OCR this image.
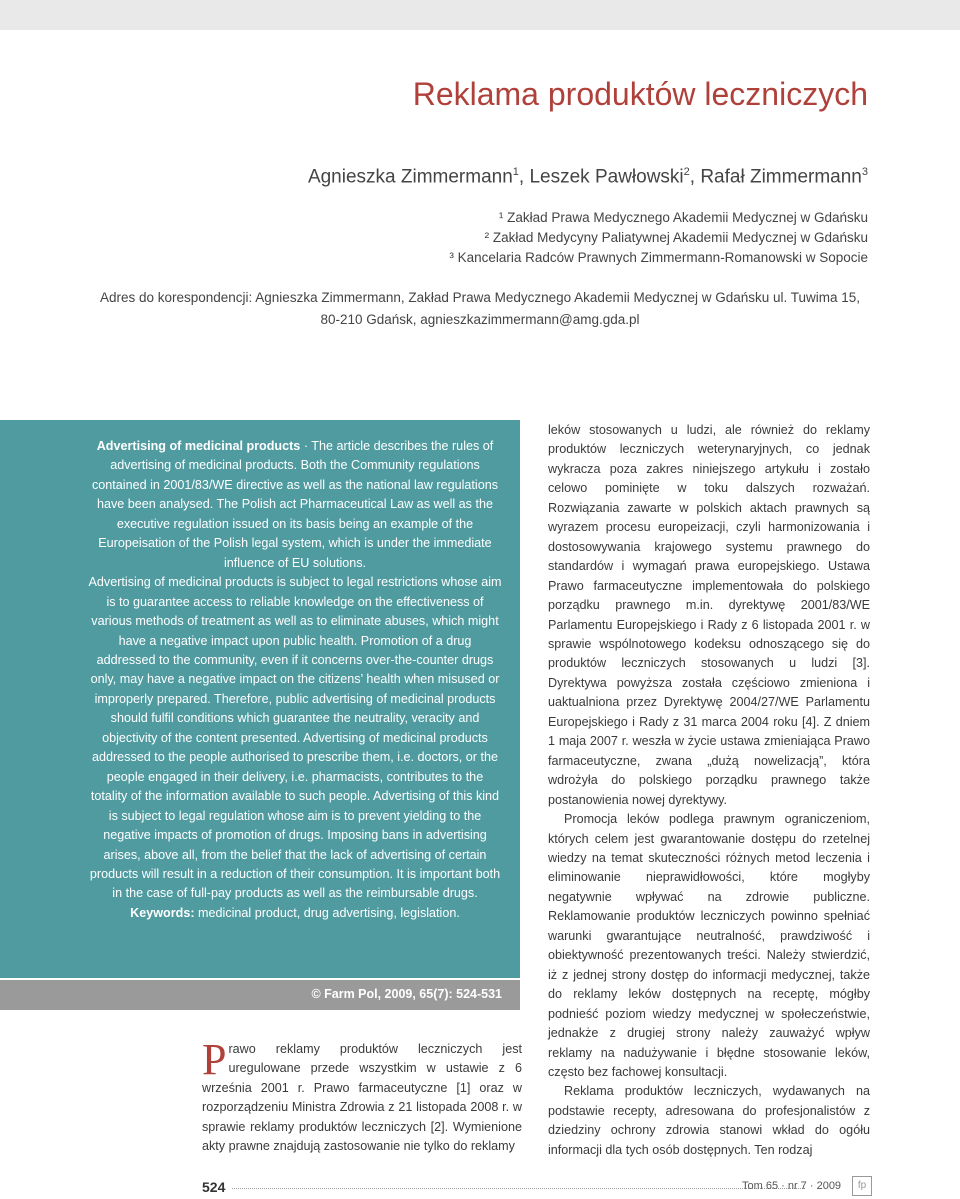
Reklama produktów leczniczych
Agnieszka Zimmermann$^1$, Leszek Pawłowski$^2$, Rafał Zimmermann$^3$
¹ Zakład Prawa Medycznego Akademii Medycznej w Gdańsku
² Zakład Medycyny Paliatywnej Akademii Medycznej w Gdańsku
³ Kancelaria Radców Prawnych Zimmermann-Romanowski w Sopocie
Adres do korespondencji: Agnieszka Zimmermann, Zakład Prawa Medycznego Akademii Medycznej w Gdańsku ul. Tuwima 15, 80-210 Gdańsk, agnieszkazimmermann@amg.gda.pl
Advertising of medicinal products · The article describes the rules of advertising of medicinal products. Both the Community regulations contained in 2001/83/WE directive as well as the national law regulations have been analysed. The Polish act Pharmaceutical Law as well as the executive regulation issued on its basis being an example of the Europeisation of the Polish legal system, which is under the immediate influence of EU solutions.
Advertising of medicinal products is subject to legal restrictions whose aim is to guarantee access to reliable knowledge on the effectiveness of various methods of treatment as well as to eliminate abuses, which might have a negative impact upon public health. Promotion of a drug addressed to the community, even if it concerns over-the-counter drugs only, may have a negative impact on the citizens’ health when misused or improperly prepared. Therefore, public advertising of medicinal products should fulfil conditions which guarantee the neutrality, veracity and objectivity of the content presented. Advertising of medicinal products addressed to the people authorised to prescribe them, i.e. doctors, or the people engaged in their delivery, i.e. pharmacists, contributes to the totality of the information available to such people. Advertising of this kind is subject to legal regulation whose aim is to prevent yielding to the negative impacts of promotion of drugs. Imposing bans in advertising arises, above all, from the belief that the lack of advertising of certain products will result in a reduction of their consumption. It is important both in the case of full-pay products as well as the reimbursable drugs.
Keywords: medicinal product, drug advertising, legislation.
© Farm Pol, 2009, 65(7): 524-531
Prawo reklamy produktów leczniczych jest uregulowane przede wszystkim w ustawie z 6 września 2001 r. Prawo farmaceutyczne [1] oraz w rozporządzeniu Ministra Zdrowia z 21 listopada 2008 r. w sprawie reklamy produktów leczniczych [2]. Wymienione akty prawne znajdują zastosowanie nie tylko do reklamy

leków stosowanych u ludzi, ale również do reklamy produktów leczniczych weterynaryjnych, co jednak wykracza poza zakres niniejszego artykułu i zostało celowo pominięte w toku dalszych rozważań. Rozwiązania zawarte w polskich aktach prawnych są wyrazem procesu europeizacji, czyli harmonizowania i dostosowywania krajowego systemu prawnego do standardów i wymagań prawa europejskiego. Ustawa Prawo farmaceutyczne implementowała do polskiego porządku prawnego m.in. dyrektywę 2001/83/WE Parlamentu Europejskiego i Rady z 6 listopada 2001 r. w sprawie wspólnotowego kodeksu odnoszącego się do produktów leczniczych stosowanych u ludzi [3]. Dyrektywa powyższa została częściowo zmieniona i uaktualniona przez Dyrektywę 2004/27/WE Parlamentu Europejskiego i Rady z 31 marca 2004 roku [4]. Z dniem 1 maja 2007 r. weszła w życie ustawa zmieniająca Prawo farmaceutyczne, zwana „dużą nowelizacją”, która wdrożyła do polskiego porządku prawnego także postanowienia nowej dyrektywy.

Promocja leków podlega prawnym ograniczeniom, których celem jest gwarantowanie dostępu do rzetelnej wiedzy na temat skuteczności różnych metod leczenia i eliminowanie nieprawidłowości, które mogłyby negatywnie wpływać na zdrowie publiczne. Reklamowanie produktów leczniczych powinno spełniać warunki gwarantujące neutralność, prawdziwość i obiektywność prezentowanych treści. Należy stwierdzić, iż z jednej strony dostęp do informacji medycznej, także do reklamy leków dostępnych na receptę, mógłby podnieść poziom wiedzy medycznej w społeczeństwie, jednakże z drugiej strony należy zauważyć wpływ reklamy na nadużywanie i błędne stosowanie leków, często bez fachowej konsultacji.

Reklama produktów leczniczych, wydawanych na podstawie recepty, adresowana do profesjonalistów z dziedziny ochrony zdrowia stanowi wkład do ogółu informacji dla tych osób dostępnych. Ten rodzaj

524	Tom 65 · nr 7 · 2009	fp
